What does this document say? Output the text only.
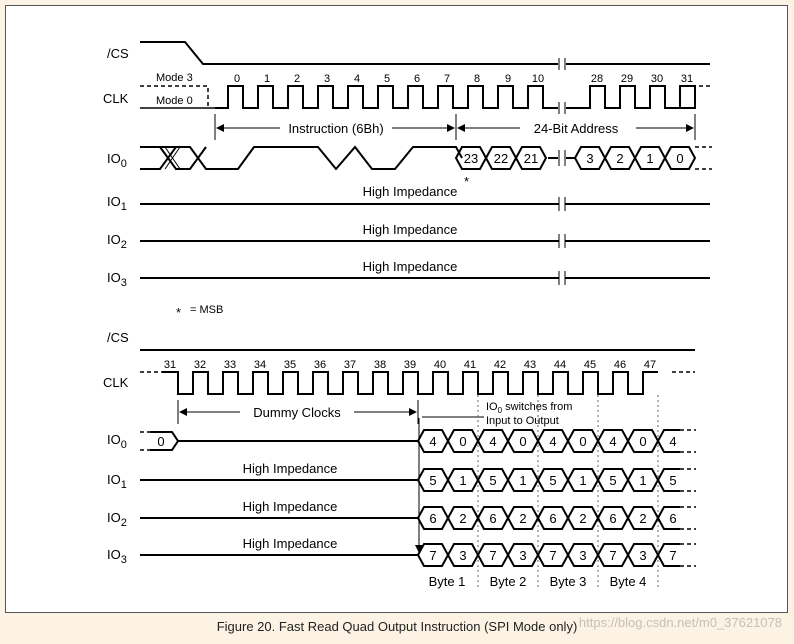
/CS
CLK
$IO_0$
$IO_1$
$IO_2$
$IO_3$
Mode 3
Mode 0
0 1 2 3 4 5 6 7 8 9 10	28 29 30 31
Instruction (6Bh)	24-Bit Address
23 22 21	3 2 1 0
*
High Impedance
High Impedance
High Impedance
* = MSB
/CS
CLK
$IO_0$
$IO_1$
$IO_2$
$IO_3$
31 32 33 34 35 36 37 38 39 40 41 42 43 44 45 46 47
Dummy Clocks	$IO_0$ switches from
Input to Output
0
High Impedance
High Impedance
High Impedance
4 0 4 0 4 0 4 0 4
5 1 5 1 5 1 5 1 5
6 2 6 2 6 2 6 2 6
7 3 7 3 7 3 7 3 7
Byte 1 Byte 2 Byte 3 Byte 4
Figure 20. Fast Read Quad Output Instruction (SPI Mode only) https://blog.csdn.net/m0_37621078
